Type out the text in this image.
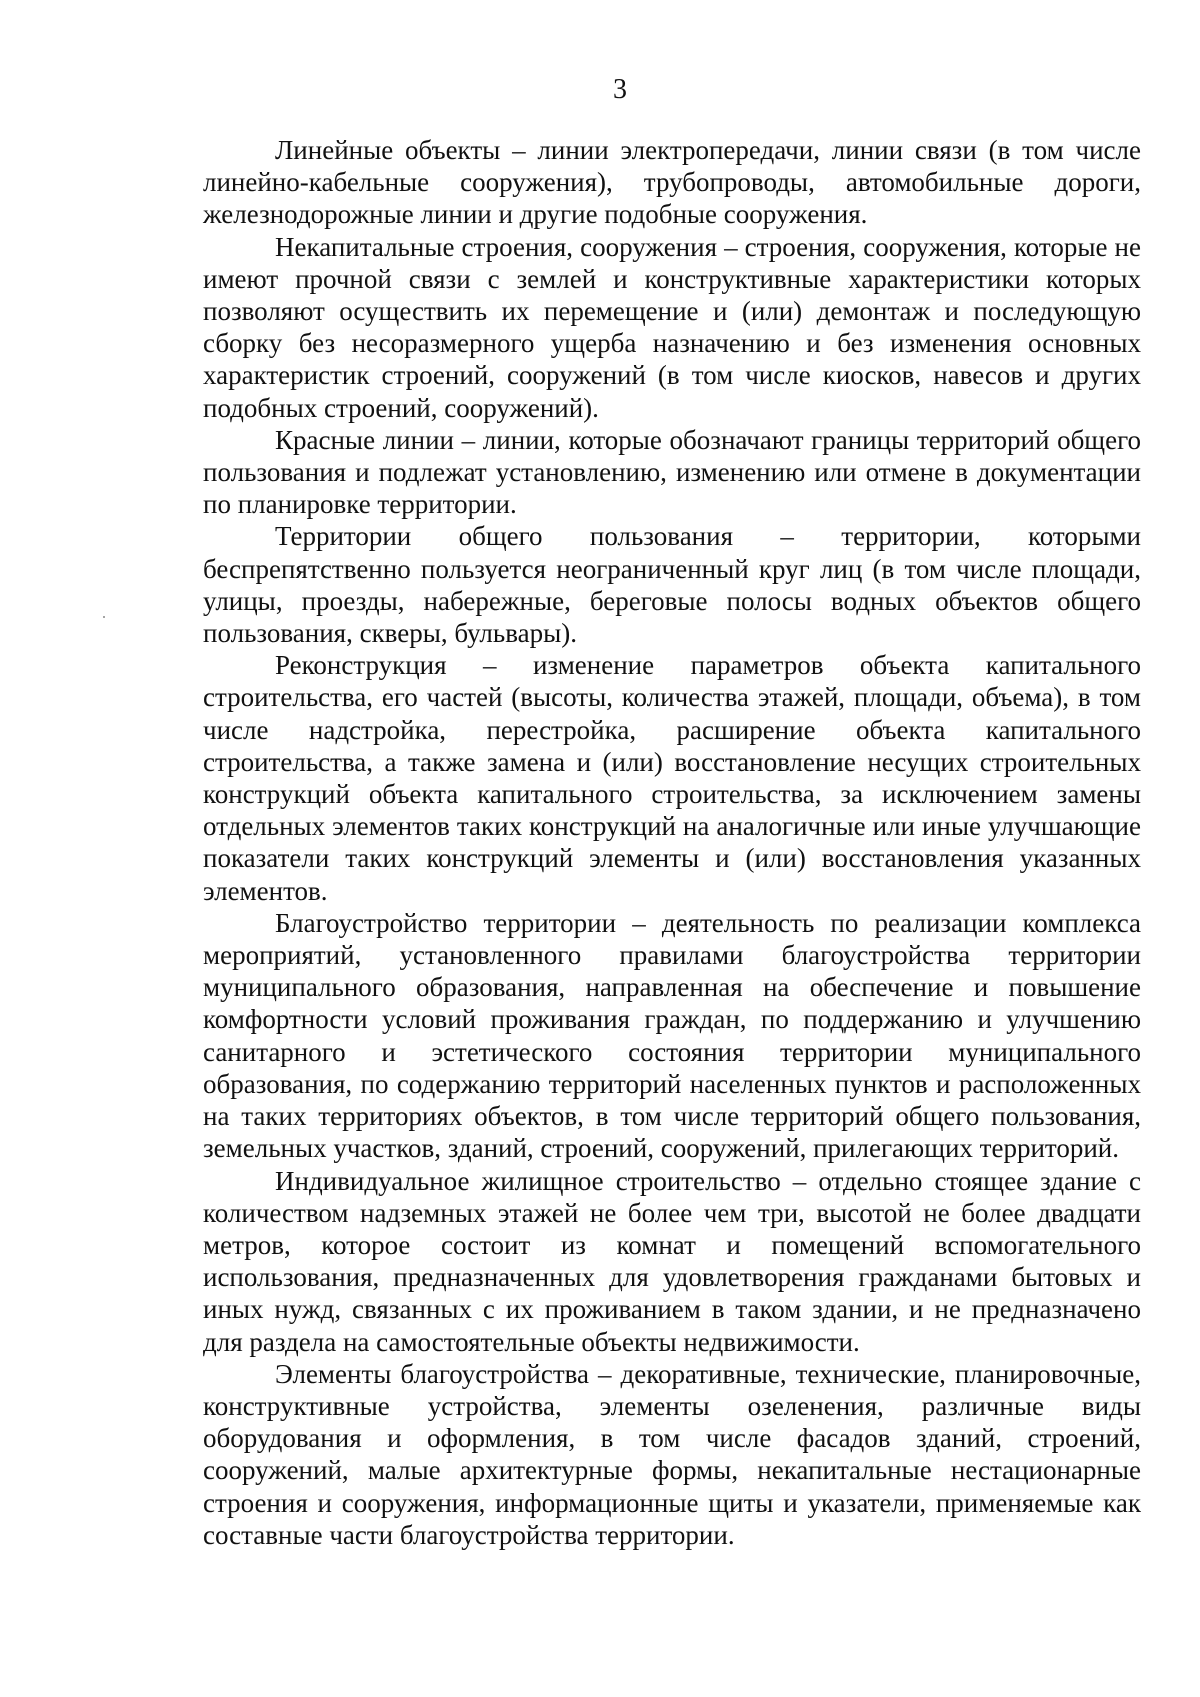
3

Линейные объекты – линии электропередачи, линии связи (в том числе линейно-кабельные сооружения), трубопроводы, автомобильные дороги, железнодорожные линии и другие подобные сооружения.

Некапитальные строения, сооружения – строения, сооружения, которые не имеют прочной связи с землей и конструктивные характеристики которых позволяют осуществить их перемещение и (или) демонтаж и последующую сборку без несоразмерного ущерба назначению и без изменения основных характеристик строений, сооружений (в том числе киосков, навесов и других подобных строений, сооружений).

Красные линии – линии, которые обозначают границы территорий общего пользования и подлежат установлению, изменению или отмене в документации по планировке территории.

Территории общего пользования – территории, которыми беспрепятственно пользуется неограниченный круг лиц (в том числе площади, улицы, проезды, набережные, береговые полосы водных объектов общего пользования, скверы, бульвары).

Реконструкция – изменение параметров объекта капитального строительства, его частей (высоты, количества этажей, площади, объема), в том числе надстройка, перестройка, расширение объекта капитального строительства, а также замена и (или) восстановление несущих строительных конструкций объекта капитального строительства, за исключением замены отдельных элементов таких конструкций на аналогичные или иные улучшающие показатели таких конструкций элементы и (или) восстановления указанных элементов.

Благоустройство территории – деятельность по реализации комплекса мероприятий, установленного правилами благоустройства территории муниципального образования, направленная на обеспечение и повышение комфортности условий проживания граждан, по поддержанию и улучшению санитарного и эстетического состояния территории муниципального образования, по содержанию территорий населенных пунктов и расположенных на таких территориях объектов, в том числе территорий общего пользования, земельных участков, зданий, строений, сооружений, прилегающих территорий.

Индивидуальное жилищное строительство – отдельно стоящее здание с количеством надземных этажей не более чем три, высотой не более двадцати метров, которое состоит из комнат и помещений вспомогательного использования, предназначенных для удовлетворения гражданами бытовых и иных нужд, связанных с их проживанием в таком здании, и не предназначено для раздела на самостоятельные объекты недвижимости.

Элементы благоустройства – декоративные, технические, планировочные, конструктивные устройства, элементы озеленения, различные виды оборудования и оформления, в том числе фасадов зданий, строений, сооружений, малые архитектурные формы, некапитальные нестационарные строения и сооружения, информационные щиты и указатели, применяемые как составные части благоустройства территории.
